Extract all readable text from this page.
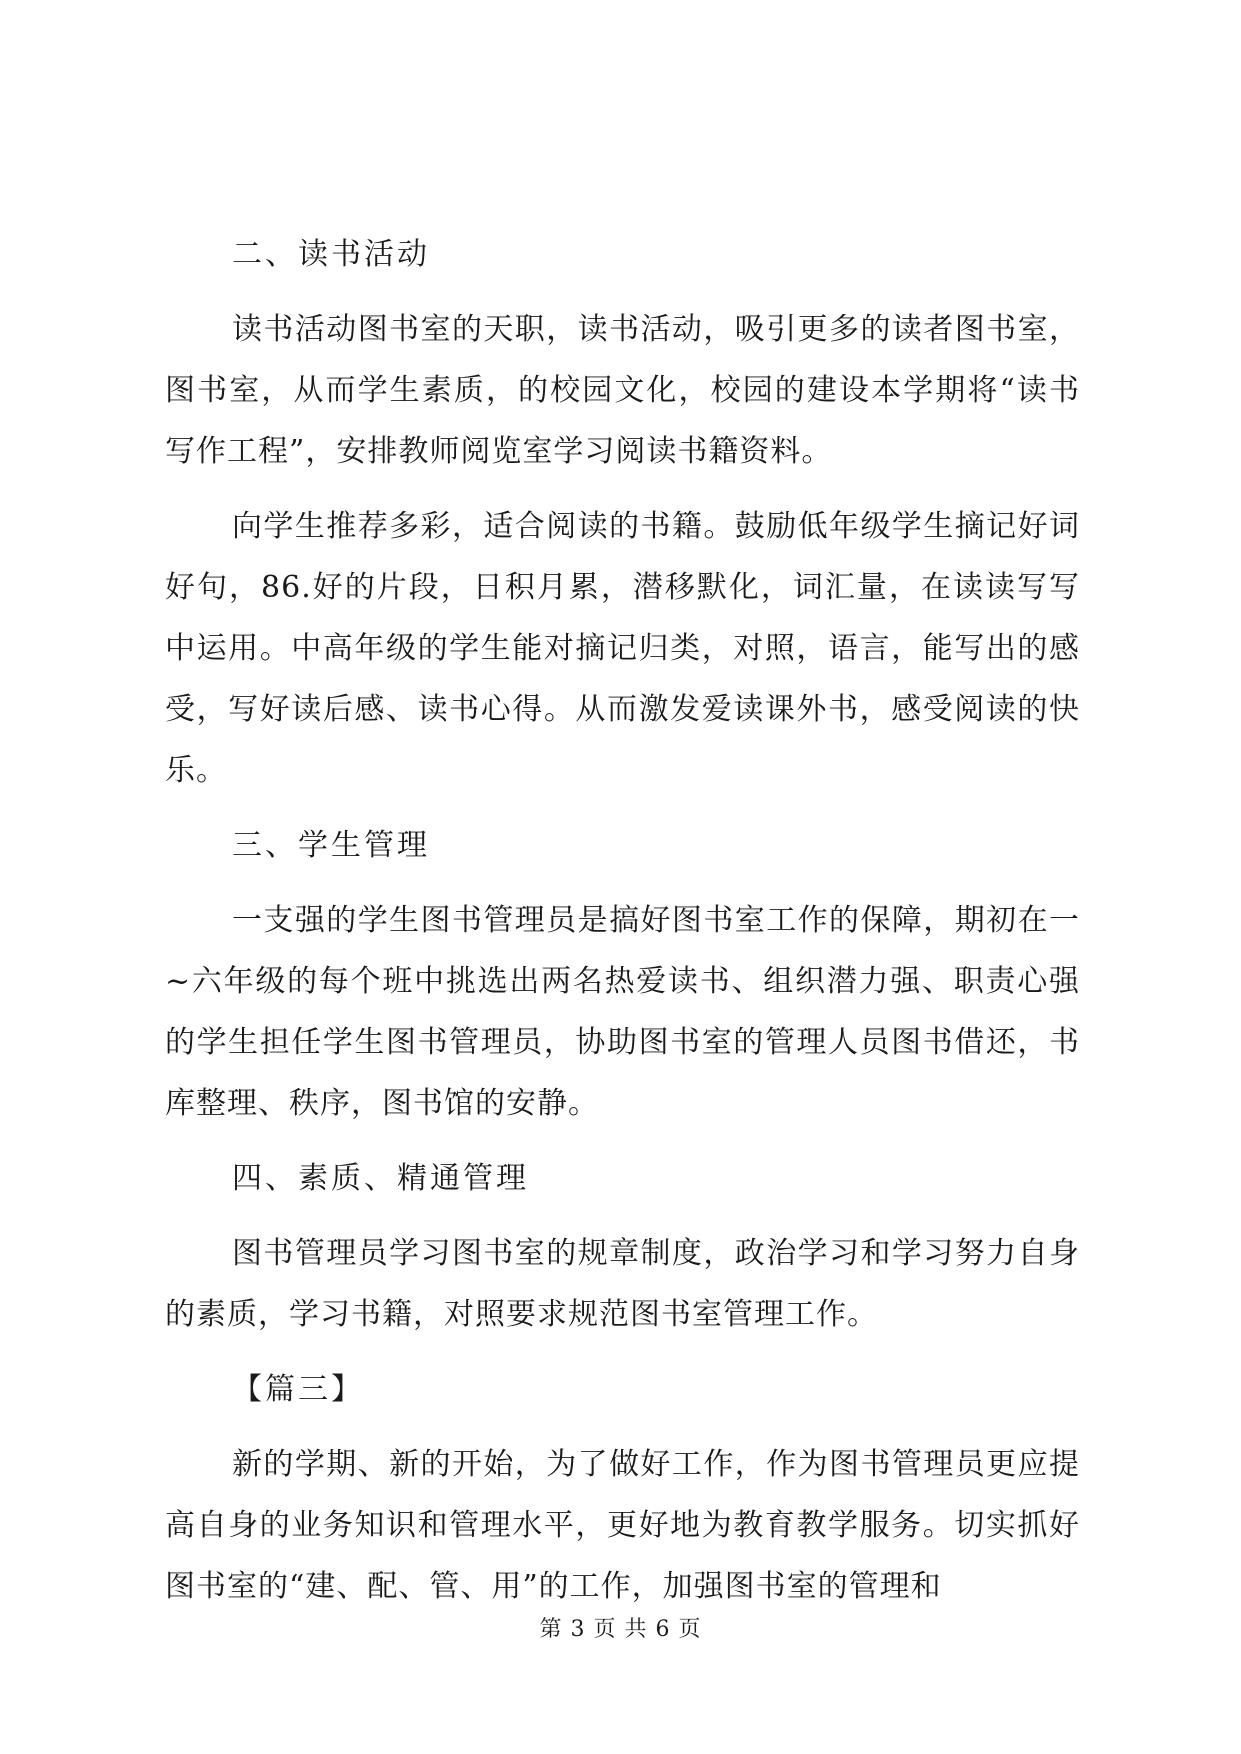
二、读书活动

读书活动图书室的天职，读书活动，吸引更多的读者图书室，图书室，从而学生素质，的校园文化，校园的建设本学期将“读书写作工程”，安排教师阅览室学习阅读书籍资料。

向学生推荐多彩，适合阅读的书籍。鼓励低年级学生摘记好词好句，86.好的片段，日积月累，潜移默化，词汇量，在读读写写中运用。中高年级的学生能对摘记归类，对照，语言，能写出的感受，写好读后感、读书心得。从而激发爱读课外书，感受阅读的快乐。

三、学生管理

一支强的学生图书管理员是搞好图书室工作的保障，期初在一~六年级的每个班中挑选出两名热爱读书、组织潜力强、职责心强的学生担任学生图书管理员，协助图书室的管理人员图书借还，书库整理、秩序，图书馆的安静。

四、素质、精通管理

图书管理员学习图书室的规章制度，政治学习和学习努力自身的素质，学习书籍，对照要求规范图书室管理工作。

【篇三】

新的学期、新的开始，为了做好工作，作为图书管理员更应提高自身的业务知识和管理水平，更好地为教育教学服务。切实抓好图书室的“建、配、管、用”的工作，加强图书室的管理和

第 3 页 共 6 页
